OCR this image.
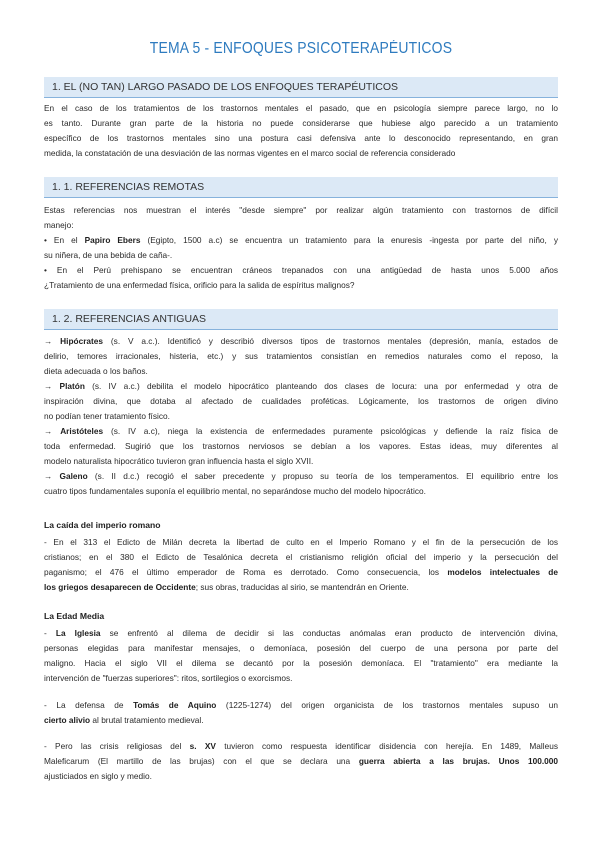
TEMA 5 - ENFOQUES PSICOTERAPÉUTICOS
1. EL (NO TAN) LARGO PASADO DE LOS ENFOQUES TERAPÉUTICOS
En el caso de los tratamientos de los trastornos mentales el pasado, que en psicología siempre parece largo, no lo
es tanto. Durante gran parte de la historia no puede considerarse que hubiese algo parecido a un tratamiento
específico de los trastornos mentales sino una postura casi defensiva ante lo desconocido representando, en gran
medida, la constatación de una desviación de las normas vigentes en el marco social de referencia considerado
1. 1. REFERENCIAS REMOTAS
Estas referencias nos muestran el interés "desde siempre" por realizar algún tratamiento con trastornos de difícil
manejo:
• En el Papiro Ebers (Egipto, 1500 a.c) se encuentra un tratamiento para la enuresis -ingesta por parte del niño, y
su niñera, de una bebida de caña-.
• En el Perú prehispano se encuentran cráneos trepanados con una antigüedad de hasta unos 5.000 años
¿Tratamiento de una enfermedad física, orificio para la salida de espíritus malignos?
1. 2. REFERENCIAS ANTIGUAS
→ Hipócrates (s. V a.c.). Identificó y describió diversos tipos de trastornos mentales (depresión, manía, estados de
delirio, temores irracionales, histeria, etc.) y sus tratamientos consistían en remedios naturales como el reposo, la
dieta adecuada o los baños.
→ Platón (s. IV a.c.) debilita el modelo hipocrático planteando dos clases de locura: una por enfermedad y otra de
inspiración divina, que dotaba al afectado de cualidades proféticas. Lógicamente, los trastornos de origen divino
no podían tener tratamiento físico.
→ Aristóteles (s. IV a.c), niega la existencia de enfermedades puramente psicológicas y defiende la raíz física de
toda enfermedad. Sugirió que los trastornos nerviosos se debían a los vapores. Estas ideas, muy diferentes al
modelo naturalista hipocrático tuvieron gran influencia hasta el siglo XVII.
→ Galeno (s. II d.c.) recogió el saber precedente y propuso su teoría de los temperamentos. El equilibrio entre los
cuatro tipos fundamentales suponía el equilibrio mental, no separándose mucho del modelo hipocrático.
La caída del imperio romano
- En el 313 el Edicto de Milán decreta la libertad de culto en el Imperio Romano y el fin de la persecución de los
cristianos; en el 380 el Edicto de Tesalónica decreta el cristianismo religión oficial del imperio y la persecución del
paganismo; el 476 el último emperador de Roma es derrotado. Como consecuencia, los modelos intelectuales de
los griegos desaparecen de Occidente; sus obras, traducidas al sirio, se mantendrán en Oriente.
La Edad Media
- La Iglesia se enfrentó al dilema de decidir si las conductas anómalas eran producto de intervención divina,
personas elegidas para manifestar mensajes, o demoníaca, posesión del cuerpo de una persona por parte del
maligno. Hacia el siglo VII el dilema se decantó por la posesión demoníaca. El "tratamiento" era mediante la
intervención de "fuerzas superiores": ritos, sortilegios o exorcismos.
- La defensa de Tomás de Aquino (1225-1274) del origen organicista de los trastornos mentales supuso un
cierto alivio al brutal tratamiento medieval.
- Pero las crisis religiosas del s. XV tuvieron como respuesta identificar disidencia con herejía. En 1489, Malleus
Maleficarum (El martillo de las brujas) con el que se declara una guerra abierta a las brujas. Unos 100.000
ajusticiados en siglo y medio.
